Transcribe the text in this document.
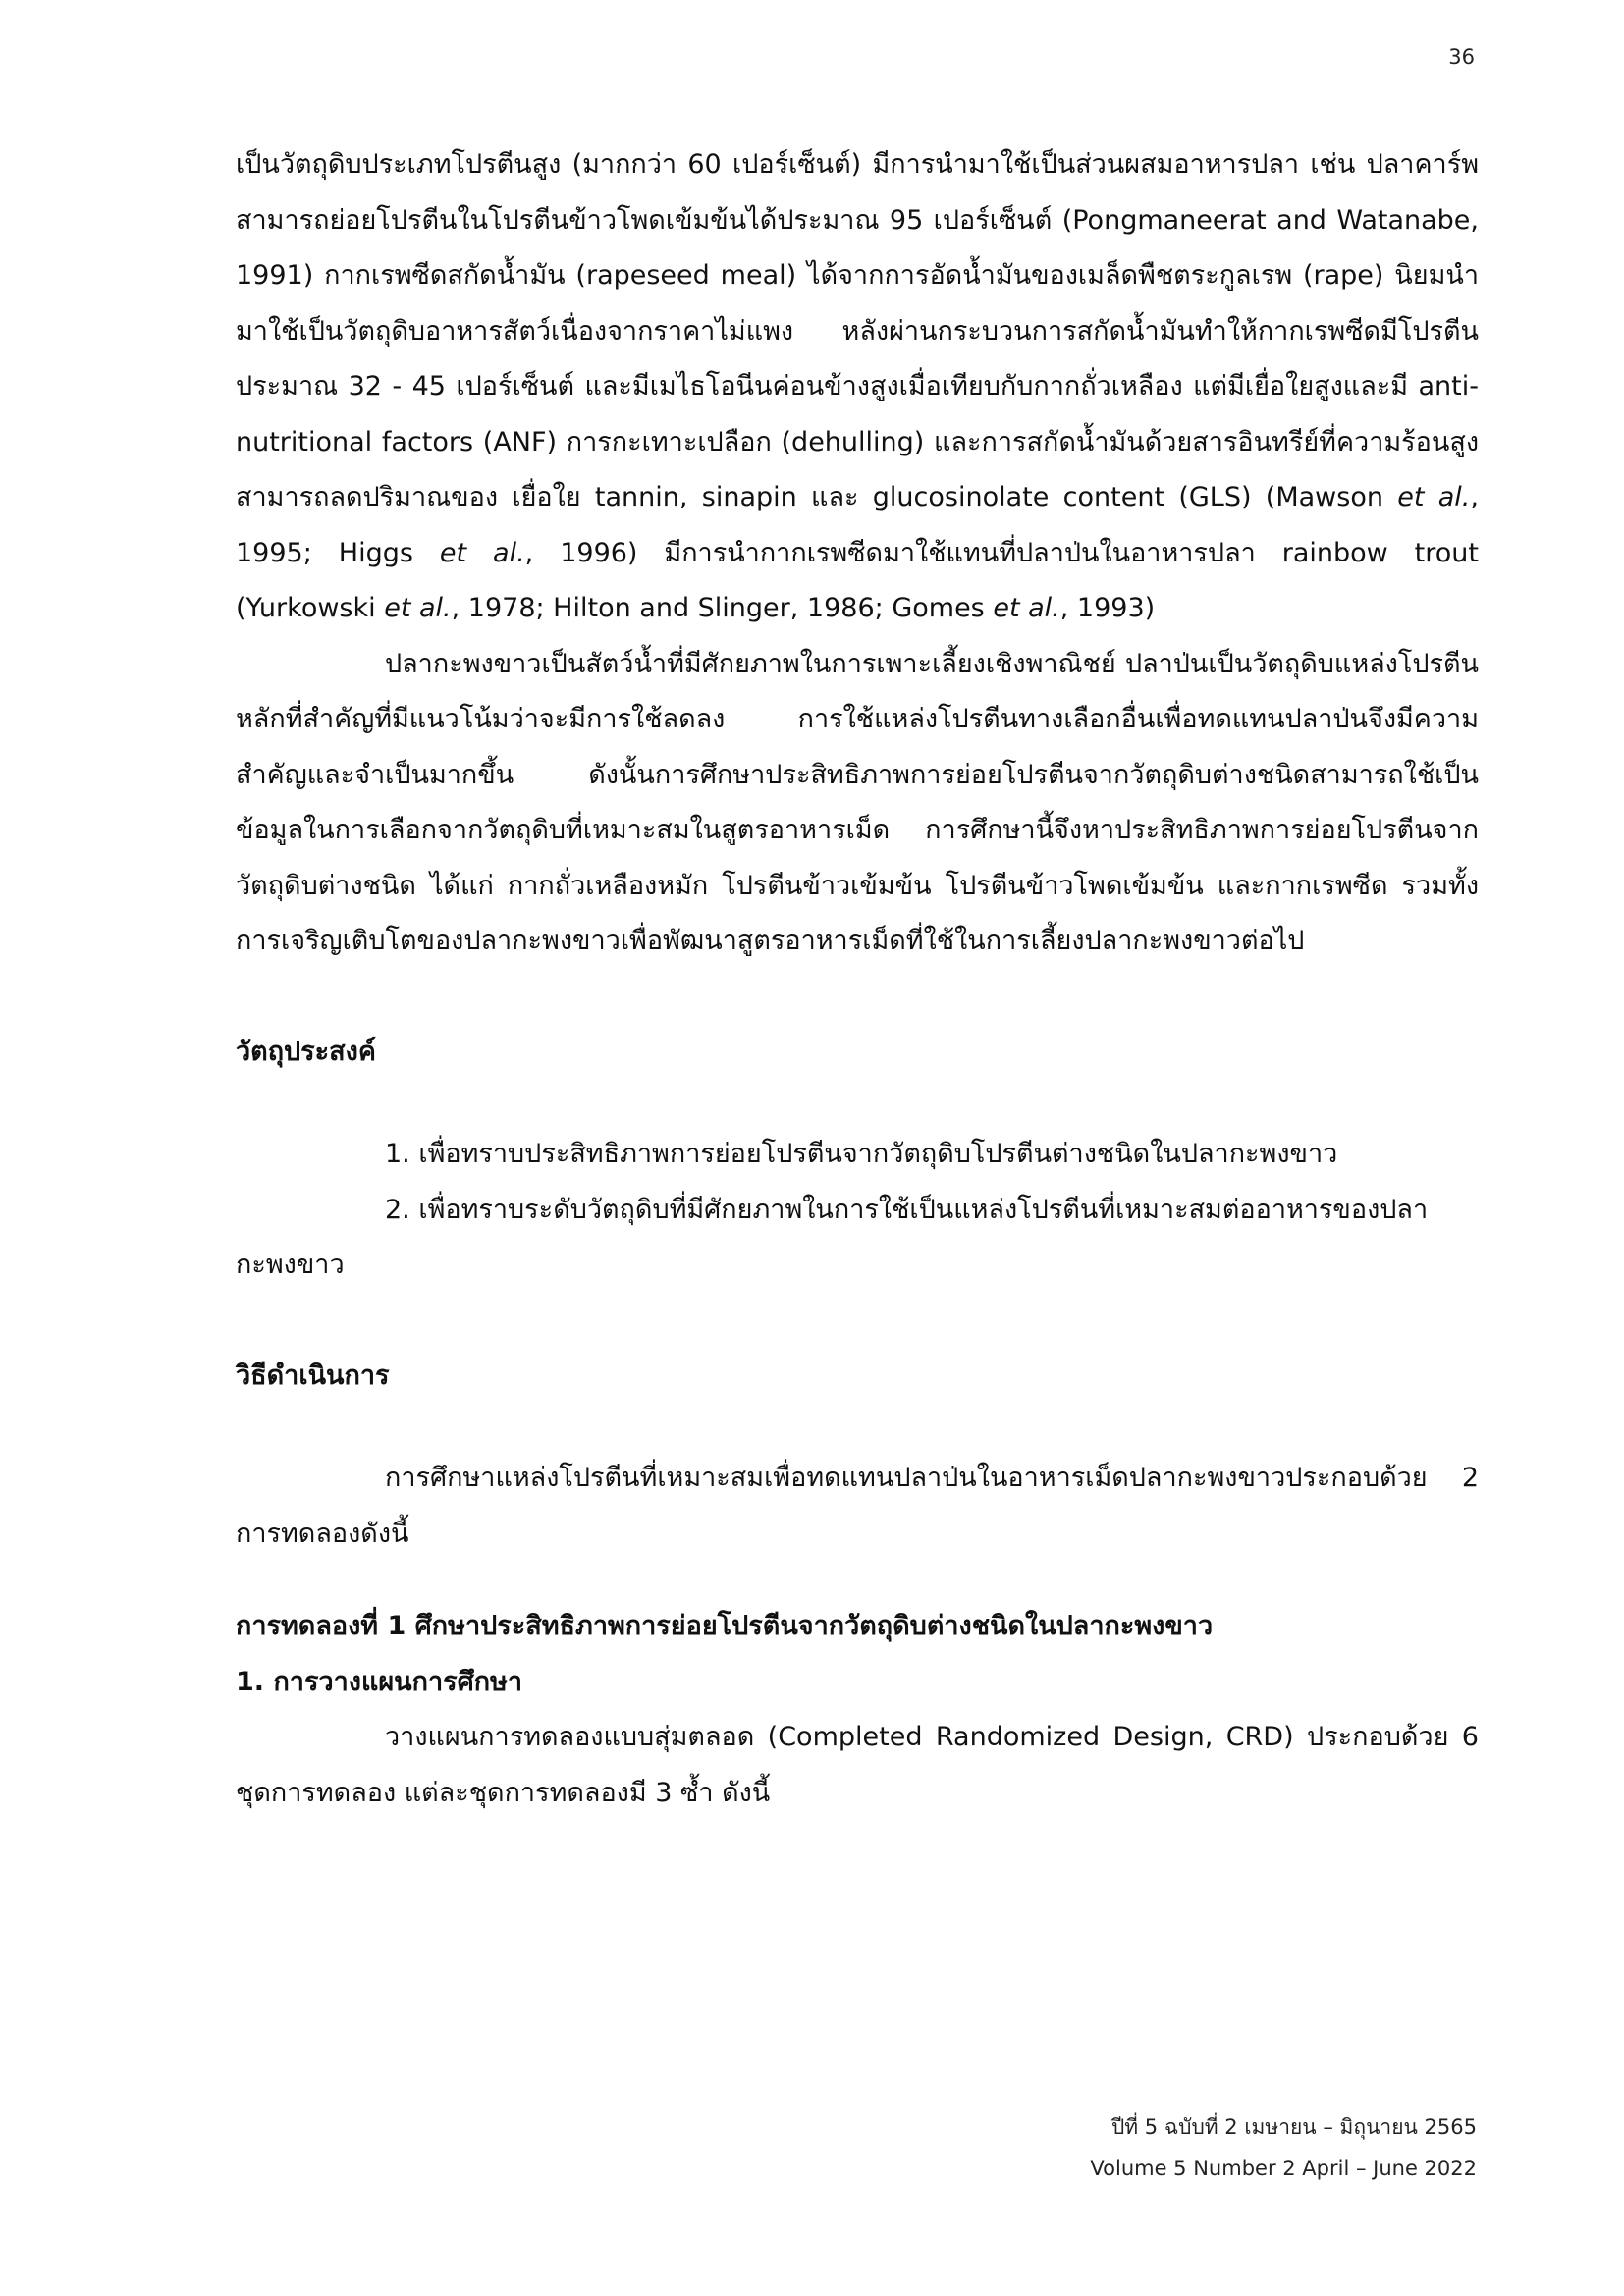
36

เป็นวัตถุดิบประเภทโปรตีนสูง (มากกว่า 60 เปอร์เซ็นต์) มีการนำมาใช้เป็นส่วนผสมอาหารปลา เช่น ปลาคาร์พสามารถย่อยโปรตีนในโปรตีนข้าวโพดเข้มข้นได้ประมาณ 95 เปอร์เซ็นต์ (Pongmaneerat and Watanabe, 1991) กากเรพซีดสกัดน้ำมัน (rapeseed meal) ได้จากการอัดน้ำมันของเมล็ดพืชตระกูลเรพ (rape) นิยมนำมาใช้เป็นวัตถุดิบอาหารสัตว์เนื่องจากราคาไม่แพง หลังผ่านกระบวนการสกัดน้ำมันทำให้กากเรพซีดมีโปรตีนประมาณ 32 - 45 เปอร์เซ็นต์ และมีเมไธโอนีนค่อนข้างสูงเมื่อเทียบกับกากถั่วเหลือง แต่มีเยื่อใยสูงและมี anti-nutritional factors (ANF) การกะเทาะเปลือก (dehulling) และการสกัดน้ำมันด้วยสารอินทรีย์ที่ความร้อนสูงสามารถลดปริมาณของ เยื่อใย tannin, sinapin และ glucosinolate content (GLS) (Mawson et al., 1995; Higgs et al., 1996) มีการนำกากเรพซีดมาใช้แทนที่ปลาป่นในอาหารปลา rainbow trout (Yurkowski et al., 1978; Hilton and Slinger, 1986; Gomes et al., 1993)

ปลากะพงขาวเป็นสัตว์น้ำที่มีศักยภาพในการเพาะเลี้ยงเชิงพาณิชย์ ปลาป่นเป็นวัตถุดิบแหล่งโปรตีนหลักที่สำคัญที่มีแนวโน้มว่าจะมีการใช้ลดลง การใช้แหล่งโปรตีนทางเลือกอื่นเพื่อทดแทนปลาป่นจึงมีความสำคัญและจำเป็นมากขึ้น ดังนั้นการศึกษาประสิทธิภาพการย่อยโปรตีนจากวัตถุดิบต่างชนิดสามารถใช้เป็นข้อมูลในการเลือกจากวัตถุดิบที่เหมาะสมในสูตรอาหารเม็ด การศึกษานี้จึงหาประสิทธิภาพการย่อยโปรตีนจากวัตถุดิบต่างชนิด ได้แก่ กากถั่วเหลืองหมัก โปรตีนข้าวเข้มข้น โปรตีนข้าวโพดเข้มข้น และกากเรพซีด รวมทั้งการเจริญเติบโตของปลากะพงขาวเพื่อพัฒนาสูตรอาหารเม็ดที่ใช้ในการเลี้ยงปลากะพงขาวต่อไป

วัตถุประสงค์

1. เพื่อทราบประสิทธิภาพการย่อยโปรตีนจากวัตถุดิบโปรตีนต่างชนิดในปลากะพงขาว

2. เพื่อทราบระดับวัตถุดิบที่มีศักยภาพในการใช้เป็นแหล่งโปรตีนที่เหมาะสมต่ออาหารของปลา

กะพงขาว

วิธีดำเนินการ

การศึกษาแหล่งโปรตีนที่เหมาะสมเพื่อทดแทนปลาป่นในอาหารเม็ดปลากะพงขาวประกอบด้วย 2 การทดลองดังนี้

การทดลองที่ 1 ศึกษาประสิทธิภาพการย่อยโปรตีนจากวัตถุดิบต่างชนิดในปลากะพงขาว

1. การวางแผนการศึกษา

วางแผนการทดลองแบบสุ่มตลอด (Completed Randomized Design, CRD) ประกอบด้วย 6 ชุดการทดลอง แต่ละชุดการทดลองมี 3 ซ้ำ ดังนี้

ปีที่ 5 ฉบับที่ 2 เมษายน – มิถุนายน 2565
Volume 5 Number 2 April – June 2022
